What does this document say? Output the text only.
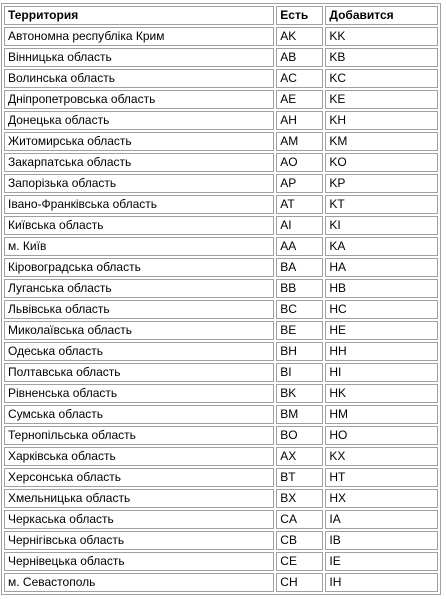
Территория	Есть	Добавится
Автономна республіка Крим	AK	KK
Вінницька область	AB	KB
Волинська область	AC	KC
Дніпропетровська область	AE	KE
Донецька область	AH	KH
Житомирська область	AM	KM
Закарпатська область	AO	KO
Запорізька область	AP	KP
Івано-Франківська область	AT	KT
Київська область	AI	KI
м. Київ	AA	KA
Кіровоградська область	BA	HA
Луганська область	BB	HB
Львівська область	BC	HC
Миколаївська область	BE	HE
Одеська область	BH	HH
Полтавська область	BI	HI
Рівненська область	BK	HK
Сумська область	BM	HM
Тернопільська область	BO	HO
Харківська область	AX	KX
Херсонська область	BT	HT
Хмельницька область	BX	HX
Черкаська область	CA	IA
Чернігівська область	CB	IB
Чернівецька область	CE	IE
м. Севастополь	CH	IH
